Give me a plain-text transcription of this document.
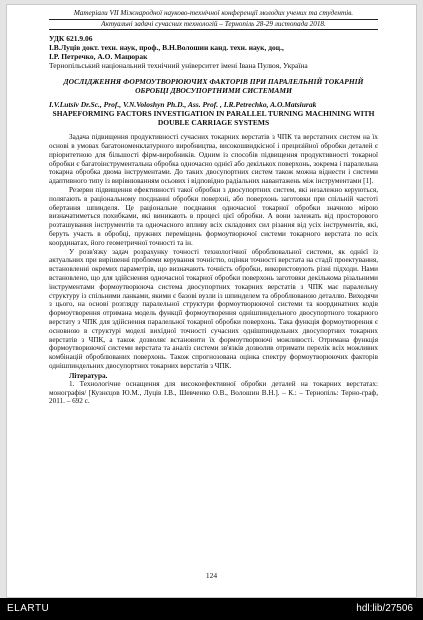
Матеріали VII Міжнародної науково-технічної конференції молодих учених та студентів.
Актуальні задачі сучасних технологій – Тернопіль 28-29 листопада 2018.
УДК 621.9.06
І.В.Луців докт. техн. наук, проф., В.Н.Волошин канд. техн. наук, доц.,
І.Р. Петречко, А.О. Мацюрак
Тернопільський національний технічний університет імені Івана Пулюя, Україна
ДОСЛІДЖЕННЯ ФОРМОУТВОРЮЮЧИХ ФАКТОРІВ ПРИ ПАРАЛЕЛЬНІЙ ТОКАРНІЙ ОБРОБЦІ ДВОСУПОРТНИМИ СИСТЕМАМИ
I.V.Lutsiv Dr.Sc., Prof., V.N.Voloshyn Ph.D., Ass. Prof. , I.R.Petrechko, A.O.Matsiurak
SHAPEFORMING FACTORS INVESTIGATION IN PARALLEL TURNING MACHINING WITH DOUBLE CARRIAGE SYSTEMS
Задача підвищення продуктивності сучасних токарних верстатів з ЧПК та верстатних систем на їх основі в умовах багатономенклатурного виробництва, високошвидкісної і прецизійної обробки деталей є пріоритетною для більшості фірм-виробників. Одним із способів підвищення продуктивності токарної обробки є багатоінструментальна обробка одночасно однієї або декількох поверхонь, зокрема і паралельна токарна обробка двома інструментами. До таких двосупортних систем також можна віднести і системи адаптивного типу із вирівнюванням осьових і відповідно радіальних навантажень між інструментами [1].
Резерви підвищення ефективності такої обробки з двосупортних систем, які незалежно керуються, полягають в раціональному поєднанні обробки поверхні, або поверхонь заготовки при спільній частоті обертання шпинделя. Це раціональне поєднання одночасної токарної обробки значною мірою визначатиметься похибками, які виникають в процесі цієї обробки. А вони залежать від просторового розташування інструментів та одночасного впливу всіх складових сил різання від усіх інструментів, які, беруть участь в обробці, пружних переміщень формоутворючої системи токарного верстата по всіх координатах, його геометричної точності та ін.
У розв'язку задач розрахунку точності технологічної оброблювальної системи, як однієї із актуальних при вирішенні проблеми керування точністю, оцінки точності верстата на стадії проектування, встановленні окремих параметрів, що визначають точність обробки, використовують різні підходи. Нами встановлено, що для здійснення одночасної токарної обробки поверхонь заготовки декількома різальними інструментами формоутворююча система двосупортних токарних верстатів з ЧПК має паралельну структуру із спільними ланками, якими є базові вузли із шпинделем та оброблюваною деталлю. Виходячи з цього, на основі розгляду паралельної структури формоутворюючої системи та координатних кодів формоутворення отримана модель функції формоутворення однішпиндельного двосупортного токарного верстату з ЧПК для здійснення паралельної токарної обробки поверхонь. Така функція формоутворення є основною в структурі моделі вихідної точності сучасних однішпиндельних двосупортних токарних верстатів з ЧПК, а також дозволяє встановити їх формоутворюючі можливості. Отримана функція формоутворюючої системи верстата та аналіз системи зв'язків дозволив отримати перелік всіх можливих комбінацій оброблюваних поверхонь. Також спрогнозована оцінка спектру формоутворюючих факторів однішпиндельних двосупортних токарних верстатів з ЧПК.
Література.
1. Технологічне оснащення для високоефективної обробки деталей на токарних верстатах: монографія/ [Кузнєцов Ю.М., Луців І.В., Шевченко О.В., Волошин В.Н.]. – К.: – Тернопіль: Терно-граф, 2011. – 692 с.
124
ELARTU	hdl:lib/27506
